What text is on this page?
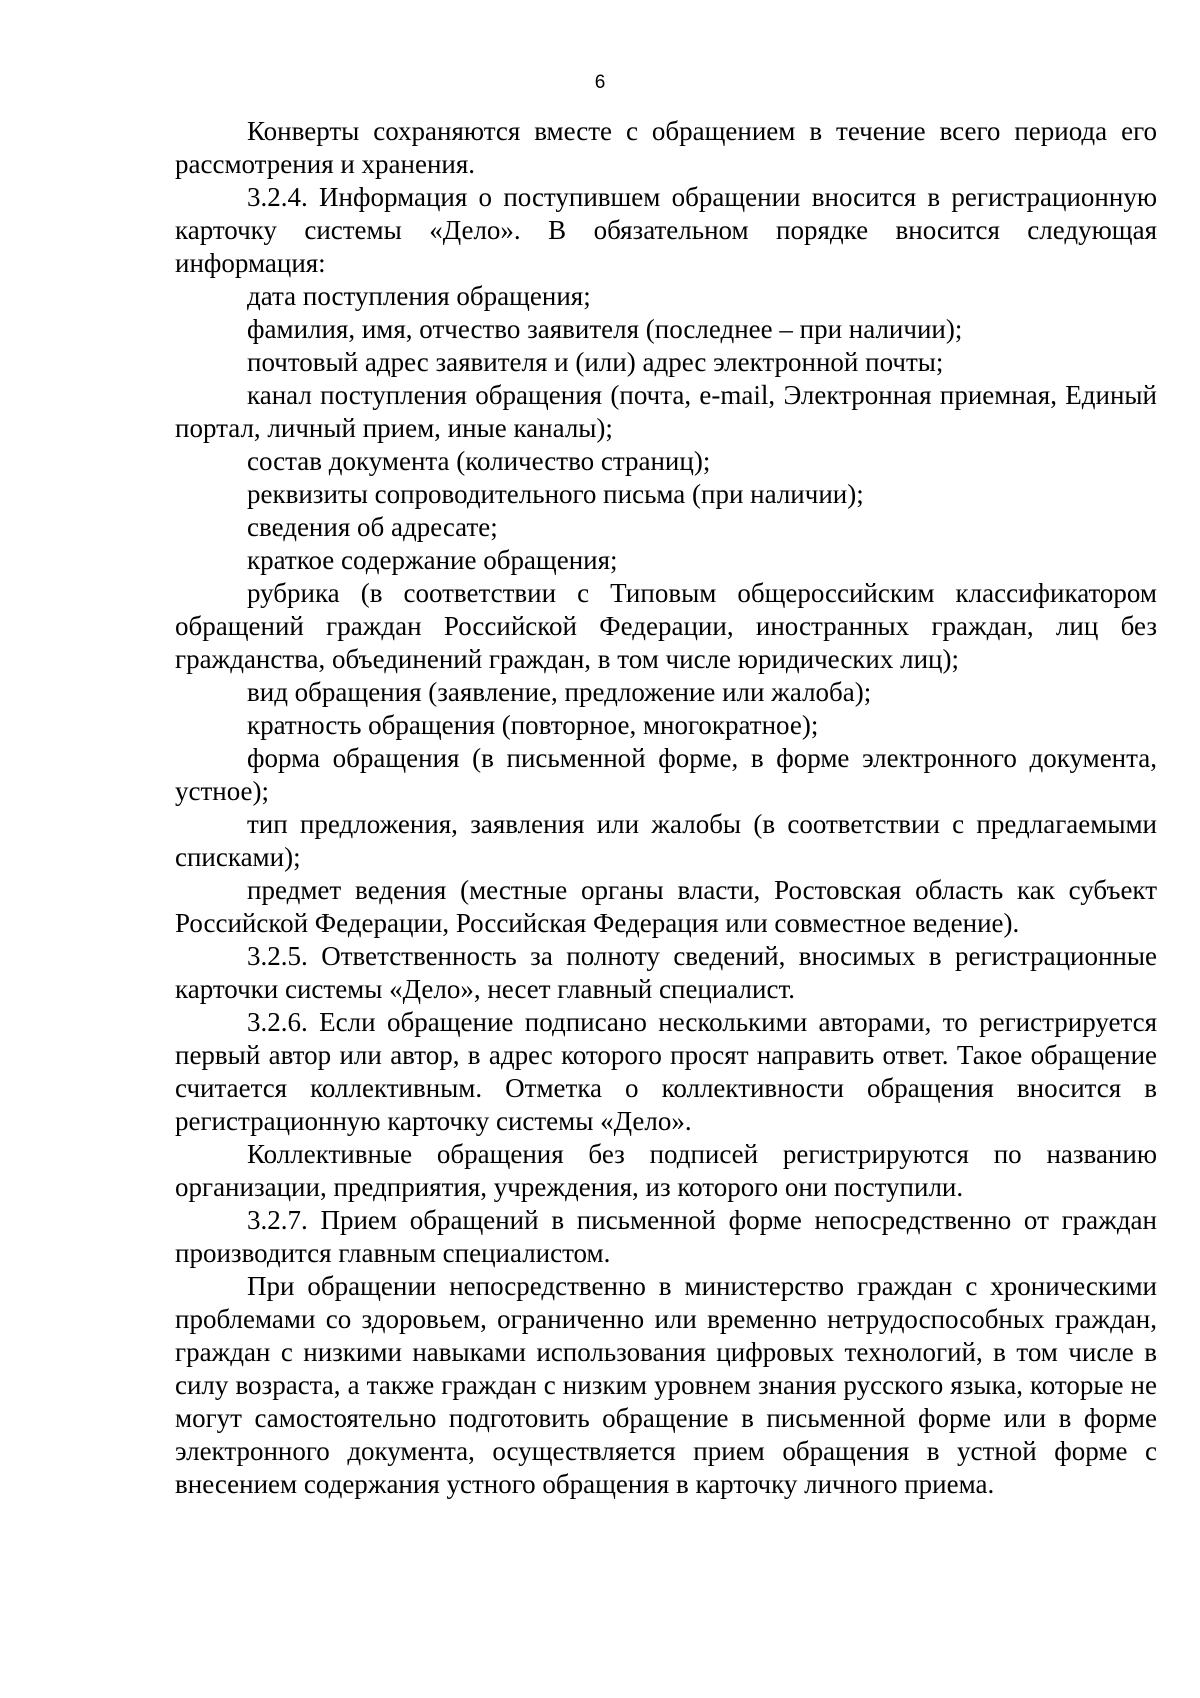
6

Конверты сохраняются вместе с обращением в течение всего периода его рассмотрения и хранения.

3.2.4. Информация о поступившем обращении вносится в регистрационную карточку системы «Дело». В обязательном порядке вносится следующая информация:

дата поступления обращения;

фамилия, имя, отчество заявителя (последнее – при наличии);

почтовый адрес заявителя и (или) адрес электронной почты;

канал поступления обращения (почта, e-mail, Электронная приемная, Единый портал, личный прием, иные каналы);

состав документа (количество страниц);

реквизиты сопроводительного письма (при наличии);

сведения об адресате;

краткое содержание обращения;

рубрика (в соответствии с Типовым общероссийским классификатором обращений граждан Российской Федерации, иностранных граждан, лиц без гражданства, объединений граждан, в том числе юридических лиц);

вид обращения (заявление, предложение или жалоба);

кратность обращения (повторное, многократное);

форма обращения (в письменной форме, в форме электронного документа, устное);

тип предложения, заявления или жалобы (в соответствии с предлагаемыми списками);

предмет ведения (местные органы власти, Ростовская область как субъект Российской Федерации, Российская Федерация или совместное ведение).

3.2.5. Ответственность за полноту сведений, вносимых в регистрационные карточки системы «Дело», несет главный специалист.

3.2.6. Если обращение подписано несколькими авторами, то регистрируется первый автор или автор, в адрес которого просят направить ответ. Такое обращение считается коллективным. Отметка о коллективности обращения вносится в регистрационную карточку системы «Дело».

Коллективные обращения без подписей регистрируются по названию организации, предприятия, учреждения, из которого они поступили.

3.2.7. Прием обращений в письменной форме непосредственно от граждан производится главным специалистом.

При обращении непосредственно в министерство граждан с хроническими проблемами со здоровьем, ограниченно или временно нетрудоспособных граждан, граждан с низкими навыками использования цифровых технологий, в том числе в силу возраста, а также граждан с низким уровнем знания русского языка, которые не могут самостоятельно подготовить обращение в письменной форме или в форме электронного документа, осуществляется прием обращения в устной форме с внесением содержания устного обращения в карточку личного приема.
